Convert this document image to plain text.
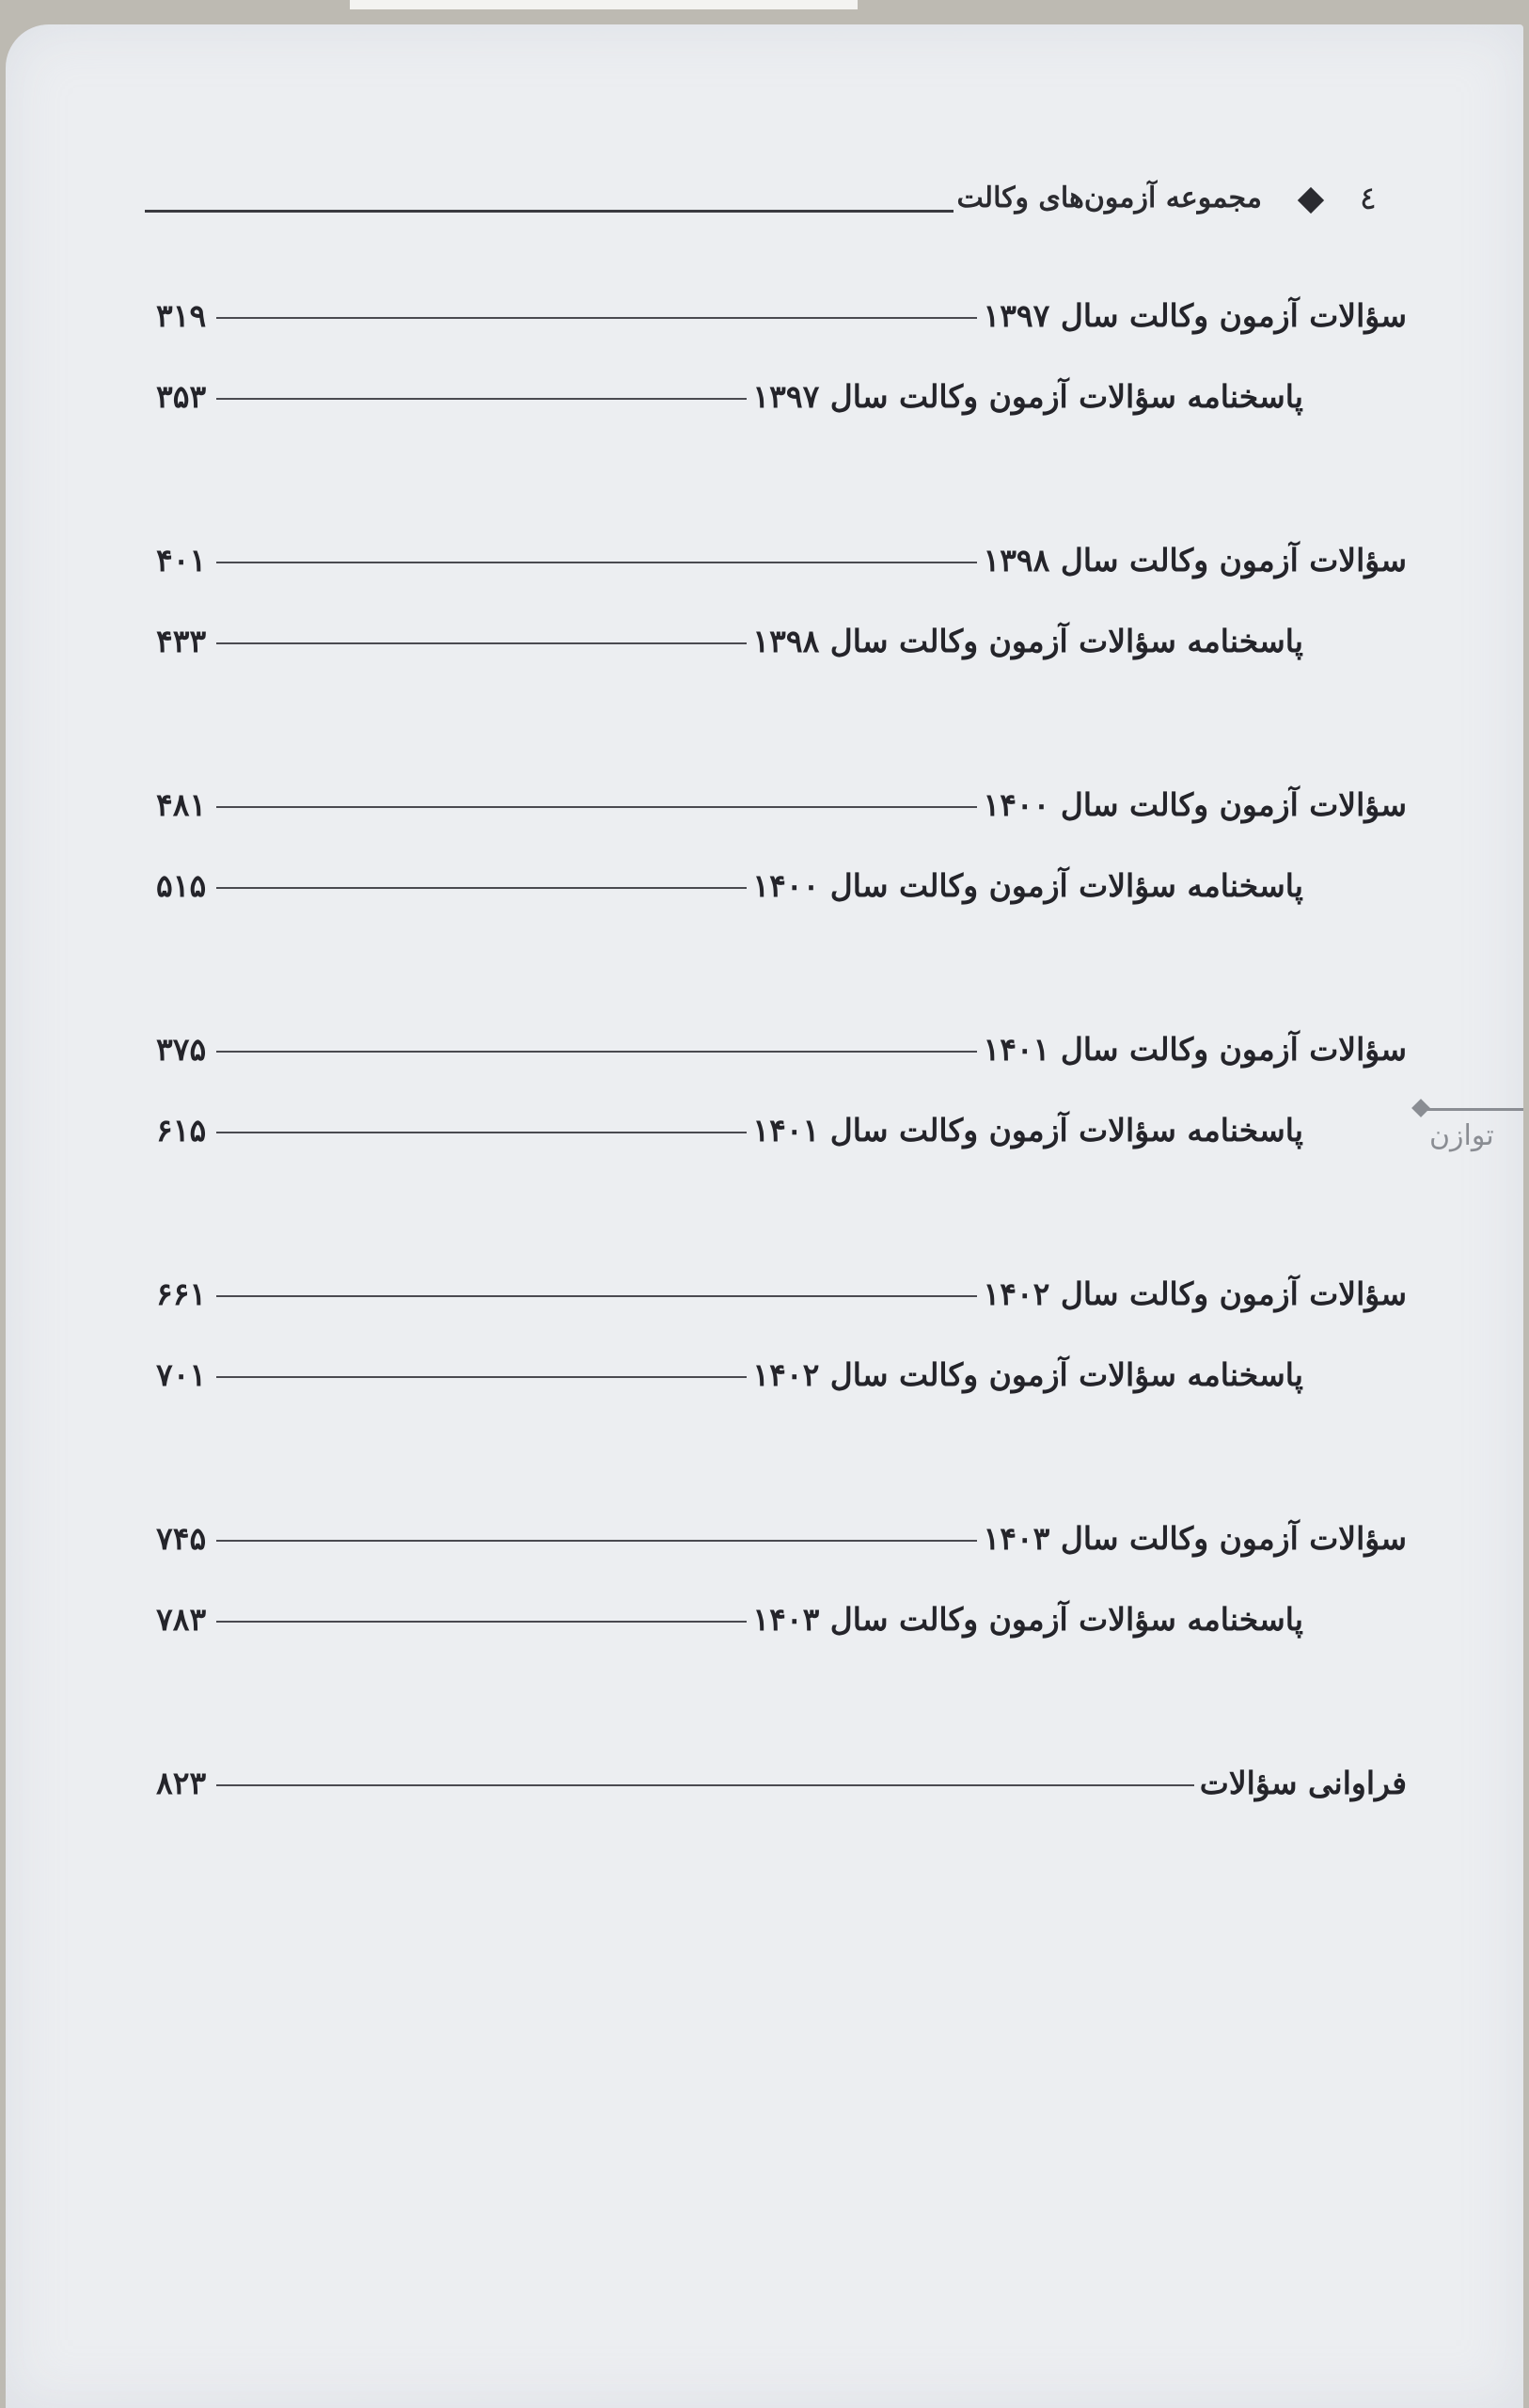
٤
مجموعه آزمون‌های وکالت
سؤالات آزمون وکالت سال ۱۳۹۷
۳۱۹
پاسخنامه سؤالات آزمون وکالت سال ۱۳۹۷
۳۵۳
سؤالات آزمون وکالت سال ۱۳۹۸
۴۰۱
پاسخنامه سؤالات آزمون وکالت سال ۱۳۹۸
۴۳۳
سؤالات آزمون وکالت سال ۱۴۰۰
۴۸۱
پاسخنامه سؤالات آزمون وکالت سال ۱۴۰۰
۵۱۵
سؤالات آزمون وکالت سال ۱۴۰۱
۳۷۵
پاسخنامه سؤالات آزمون وکالت سال ۱۴۰۱
۶۱۵
سؤالات آزمون وکالت سال ۱۴۰۲
۶۶۱
پاسخنامه سؤالات آزمون وکالت سال ۱۴۰۲
۷۰۱
سؤالات آزمون وکالت سال ۱۴۰۳
۷۴۵
پاسخنامه سؤالات آزمون وکالت سال ۱۴۰۳
۷۸۳
فراوانی سؤالات
۸۲۳
توازن
